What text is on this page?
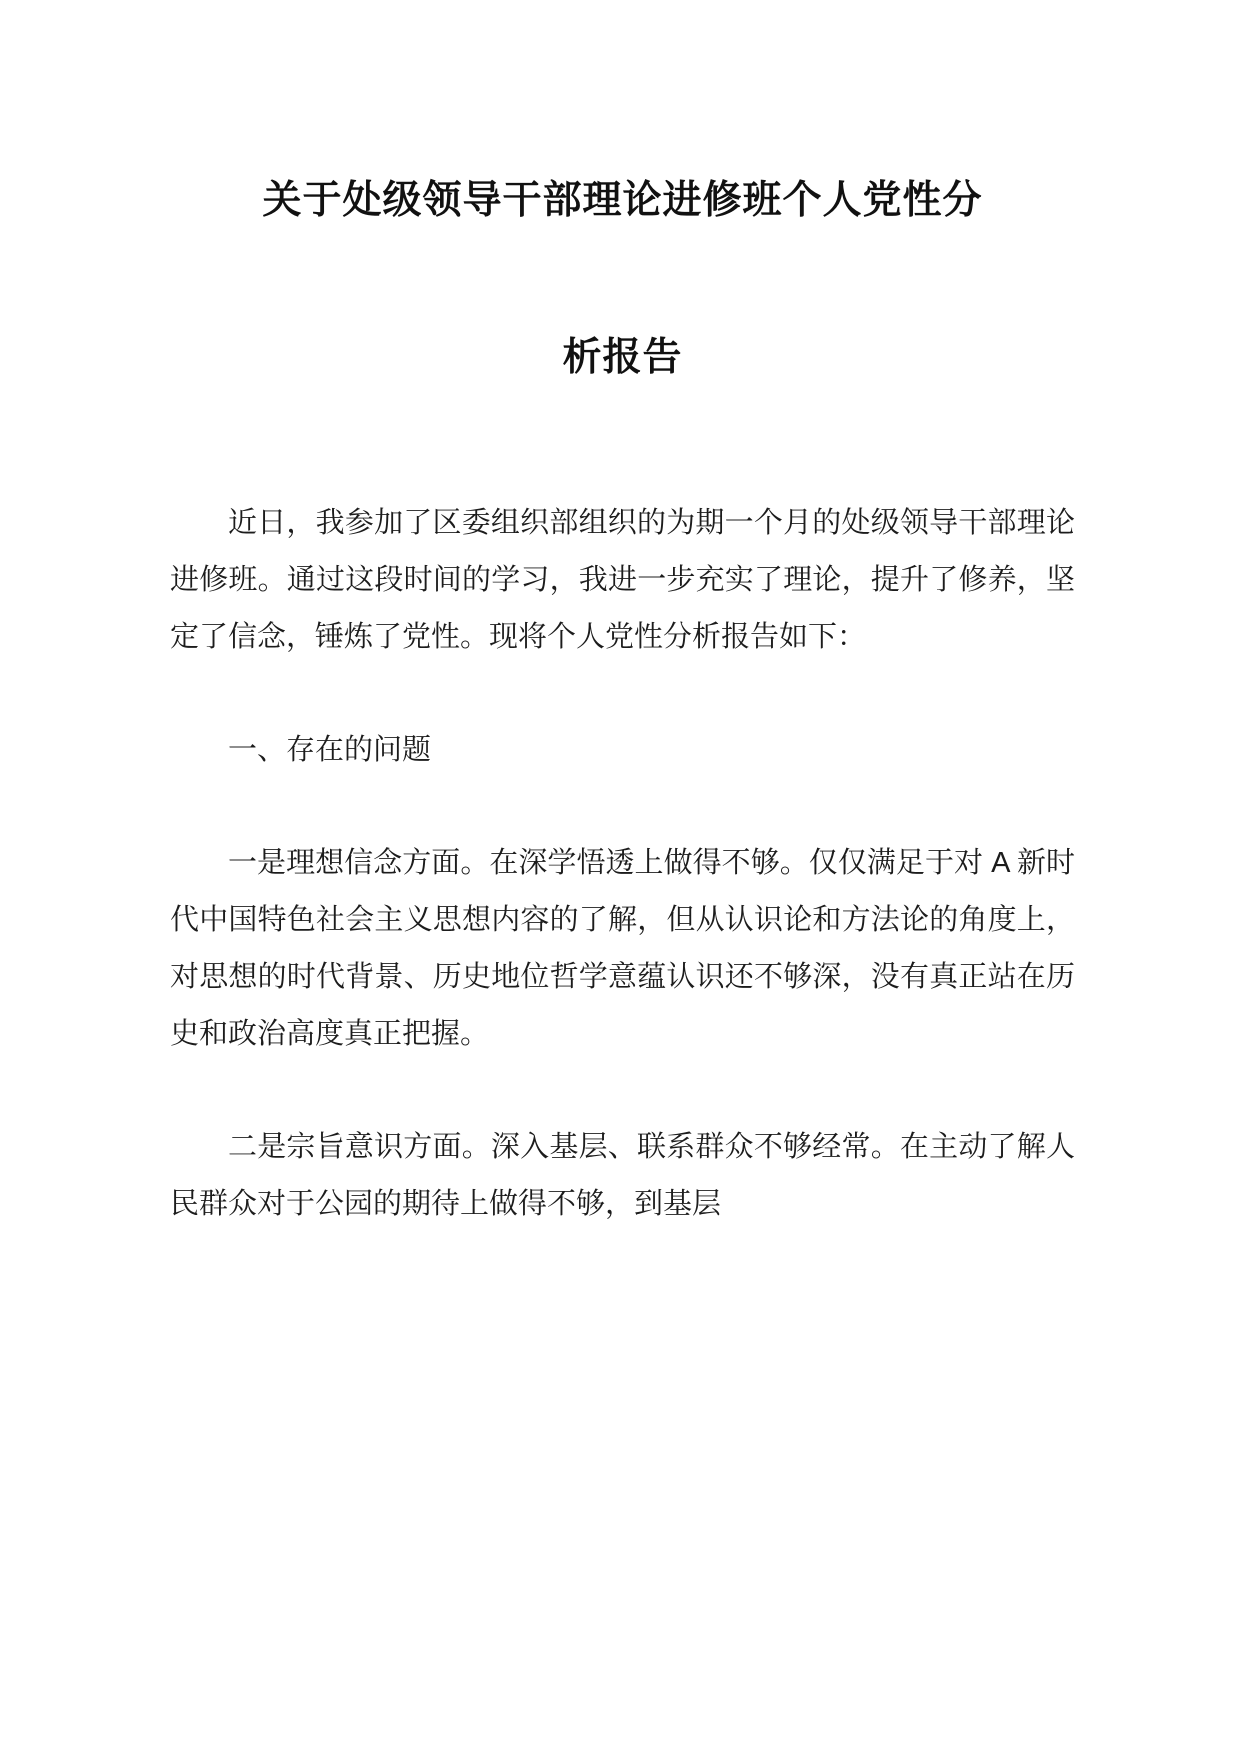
关于处级领导干部理论进修班个人党性分
析报告

近日，我参加了区委组织部组织的为期一个月的处级领导干部理论进修班。通过这段时间的学习，我进一步充实了理论，提升了修养，坚定了信念，锤炼了党性。现将个人党性分析报告如下：

一、存在的问题

一是理想信念方面。在深学悟透上做得不够。仅仅满足于对 A 新时代中国特色社会主义思想内容的了解，但从认识论和方法论的角度上，对思想的时代背景、历史地位哲学意蕴认识还不够深，没有真正站在历史和政治高度真正把握。

二是宗旨意识方面。深入基层、联系群众不够经常。在主动了解人民群众对于公园的期待上做得不够，到基层
